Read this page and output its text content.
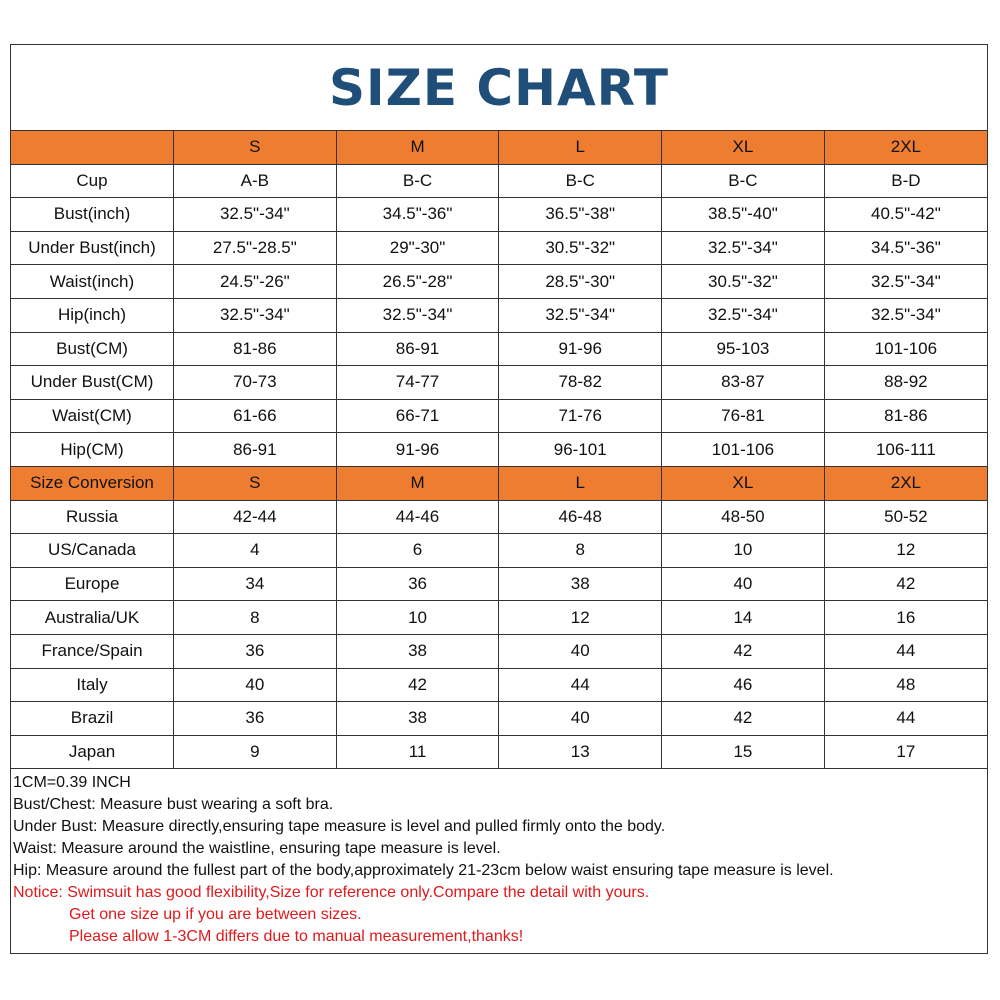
SIZE CHART
	S	M	L	XL	2XL
Cup	A-B	B-C	B-C	B-C	B-D
Bust(inch)	32.5"-34"	34.5"-36"	36.5"-38"	38.5"-40"	40.5"-42"
Under Bust(inch)	27.5"-28.5"	29"-30"	30.5"-32"	32.5"-34"	34.5"-36"
Waist(inch)	24.5"-26"	26.5"-28"	28.5"-30"	30.5"-32"	32.5"-34"
Hip(inch)	32.5"-34"	32.5"-34"	32.5"-34"	32.5"-34"	32.5"-34"
Bust(CM)	81-86	86-91	91-96	95-103	101-106
Under Bust(CM)	70-73	74-77	78-82	83-87	88-92
Waist(CM)	61-66	66-71	71-76	76-81	81-86
Hip(CM)	86-91	91-96	96-101	101-106	106-111
Size Conversion	S	M	L	XL	2XL
Russia	42-44	44-46	46-48	48-50	50-52
US/Canada	4	6	8	10	12
Europe	34	36	38	40	42
Australia/UK	8	10	12	14	16
France/Spain	36	38	40	42	44
Italy	40	42	44	46	48
Brazil	36	38	40	42	44
Japan	9	11	13	15	17
1CM=0.39 INCH
Bust/Chest: Measure bust wearing a soft bra.
Under Bust: Measure directly,ensuring tape measure is level and pulled firmly onto the body.
Waist: Measure around the waistline, ensuring tape measure is level.
Hip: Measure around the fullest part of the body,approximately 21-23cm below waist ensuring tape measure is level.
Notice: Swimsuit has good flexibility,Size for reference only.Compare the detail with yours.
Get one size up if you are between sizes.
Please allow 1-3CM differs due to manual measurement,thanks!
